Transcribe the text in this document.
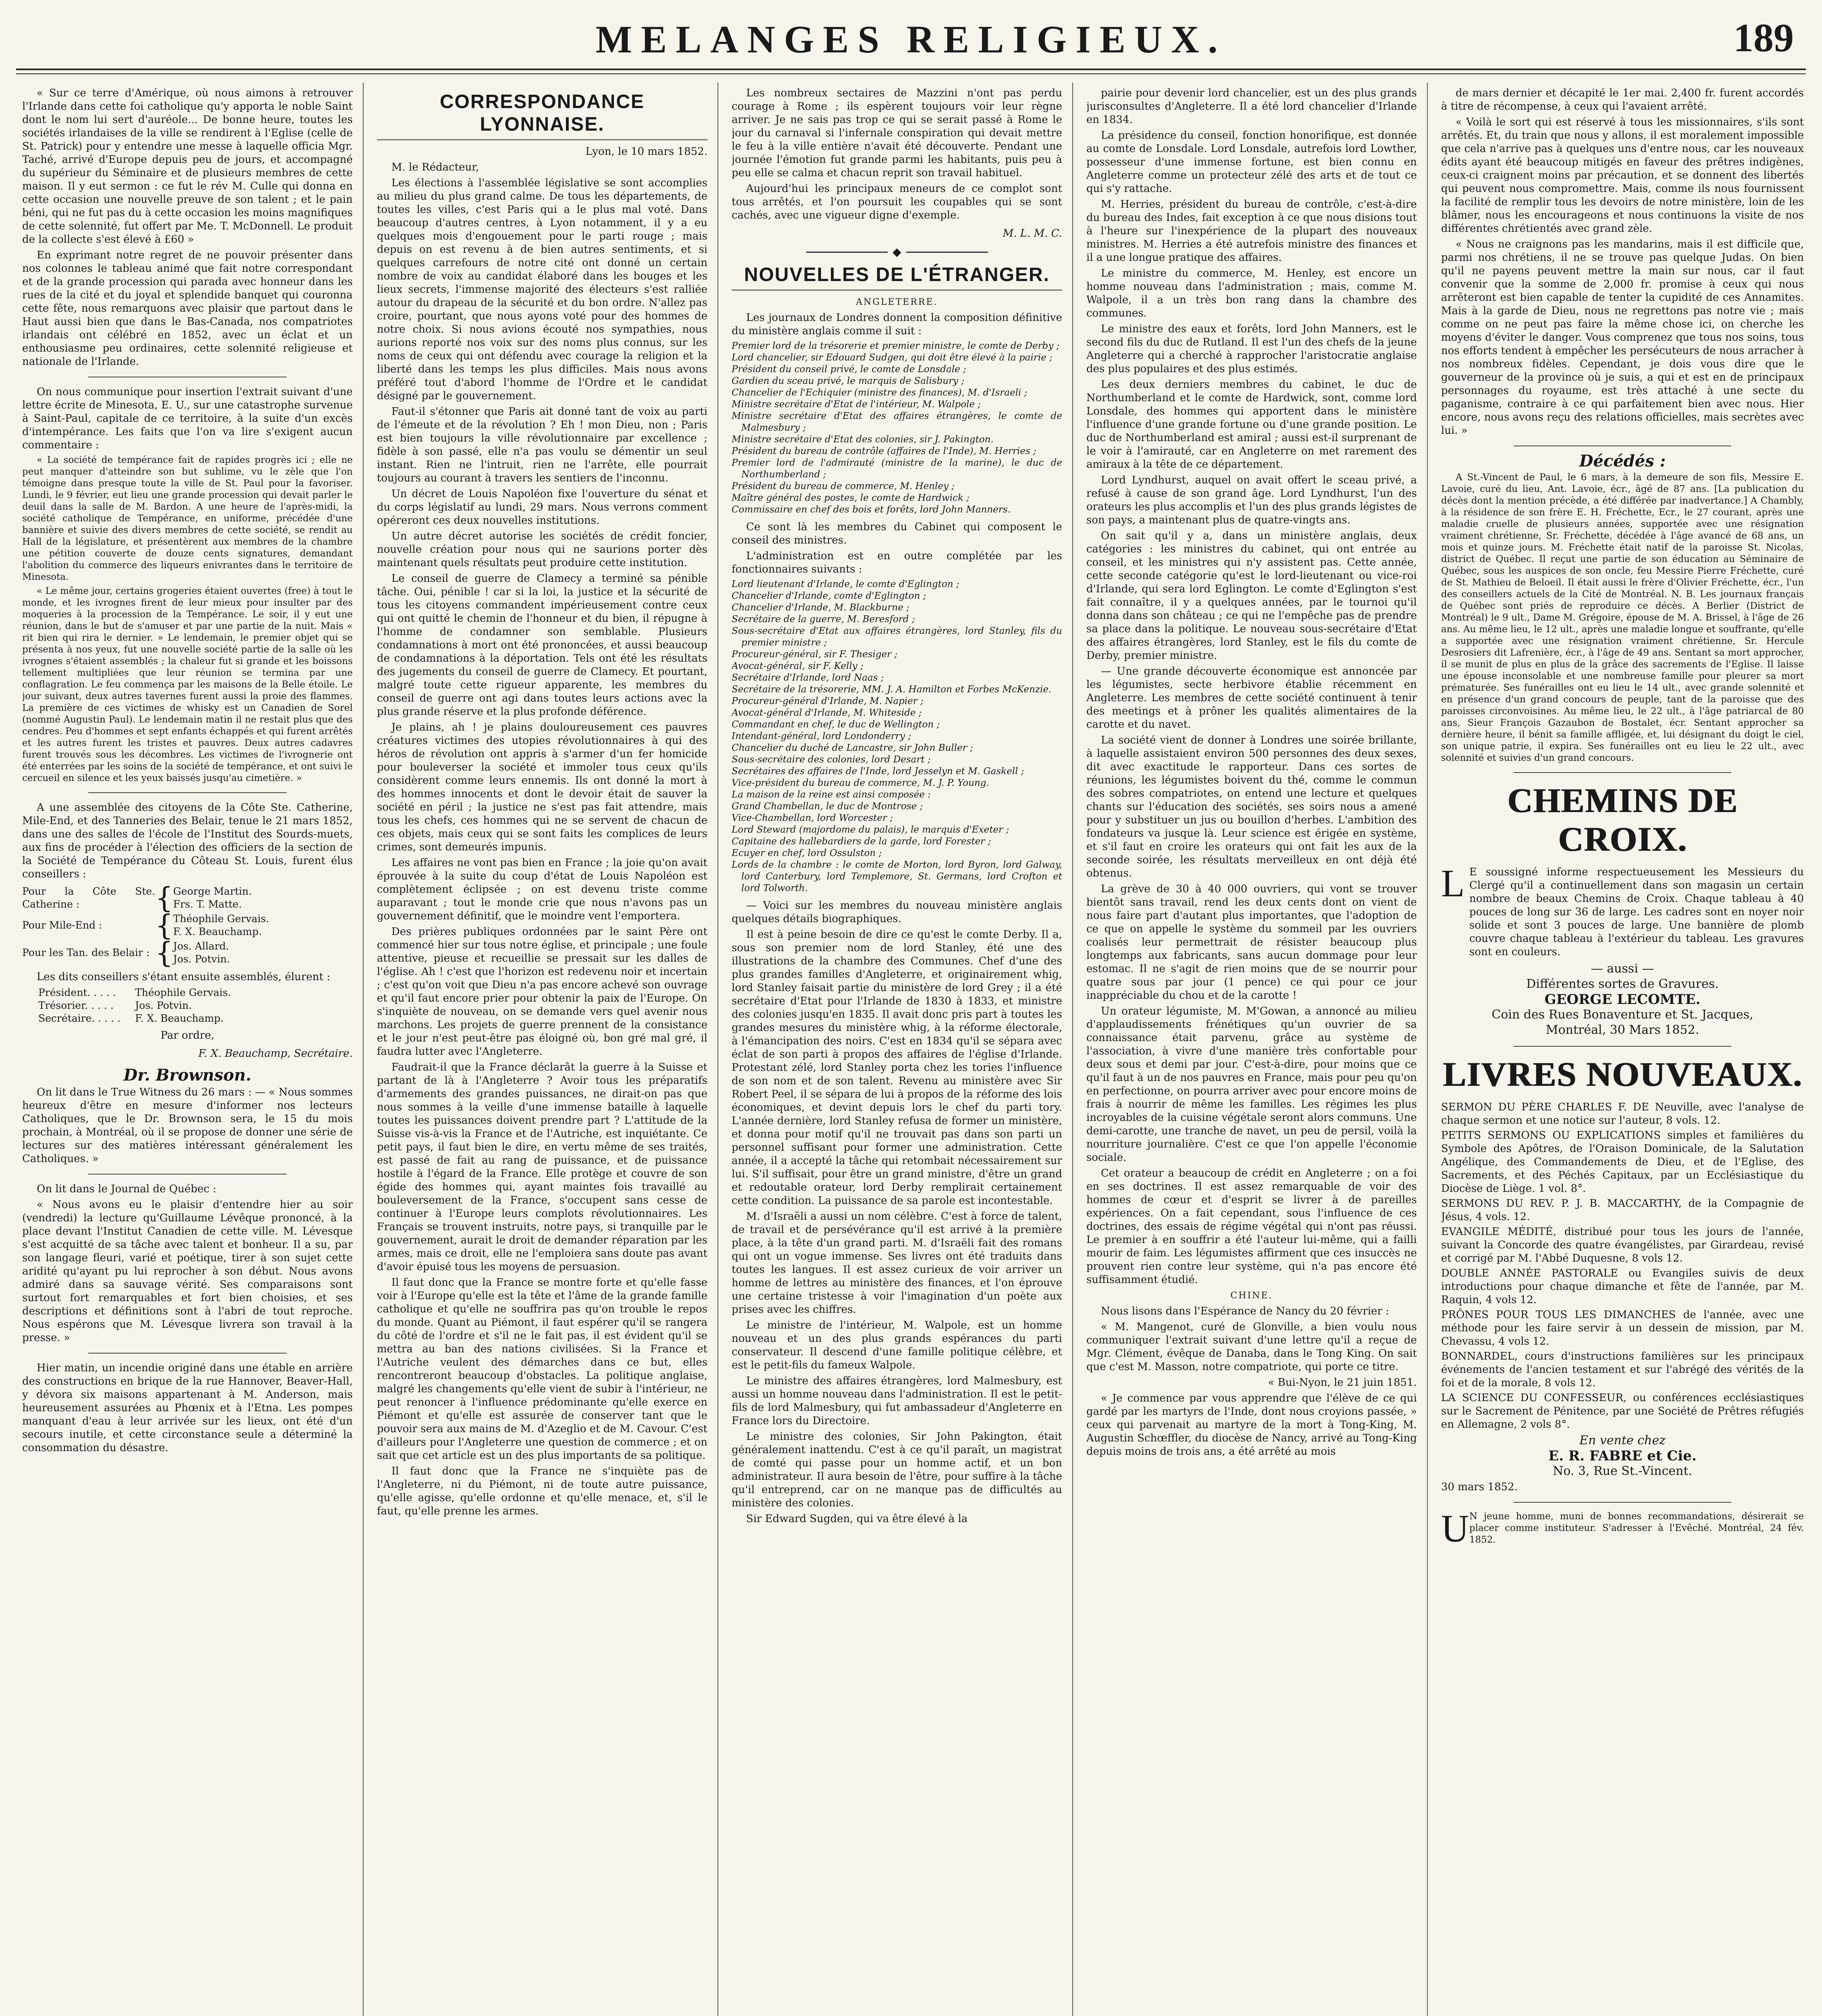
MELANGES RELIGIEUX.	189

« Sur ce terre d'Amérique, où nous aimons à retrouver l'Irlande dans cette foi catholique qu'y apporta le noble Saint dont le nom lui sert d'auréole... De bonne heure, toutes les sociétés irlandaises de la ville se rendirent à l'Eglise (celle de St. Patrick) pour y entendre une messe à laquelle officia Mgr. Taché, arrivé d'Europe depuis peu de jours, et accompagné du supérieur du Séminaire et de plusieurs membres de cette maison. Il y eut sermon : ce fut le rév M. Culle qui donna en cette occasion une nouvelle preuve de son talent ; et le pain béni, qui ne fut pas du à cette occasion les moins magnifiques de cette solennité, fut offert par Me. T. McDonnell. Le produit de la collecte s'est élevé à £60 »

En exprimant notre regret de ne pouvoir présenter dans nos colonnes le tableau animé que fait notre correspondant et de la grande procession qui parada avec honneur dans les rues de la cité et du joyal et splendide banquet qui couronna cette fête, nous remarquons avec plaisir que partout dans le Haut aussi bien que dans le Bas-Canada, nos compatriotes irlandais ont célébré en 1852, avec un éclat et un enthousiasme peu ordinaires, cette solennité religieuse et nationale de l'Irlande.

On nous communique pour insertion l'extrait suivant d'une lettre écrite de Minesota, E. U., sur une catastrophe survenue à Saint-Paul, capitale de ce territoire, à la suite d'un excès d'intempérance. Les faits que l'on va lire s'exigent aucun commentaire :

« La société de tempérance fait de rapides progrès ici ; elle ne peut manquer d'atteindre son but sublime, vu le zèle que l'on témoigne dans presque toute la ville de St. Paul pour la favoriser. Lundi, le 9 février, eut lieu une grande procession qui devait parler le deuil dans la salle de M. Bardon. A une heure de l'après-midi, la société catholique de Tempérance, en uniforme, précédée d'une bannière et suivie des divers membres de cette société, se rendit au Hall de la législature, et présentèrent aux membres de la chambre une pétition couverte de douze cents signatures, demandant l'abolition du commerce des liqueurs enivrantes dans le territoire de Minesota.

« Le même jour, certains grogeries étaient ouvertes (free) à tout le monde, et les ivrognes firent de leur mieux pour insulter par des moqueries à la procession de la Tempérance. Le soir, il y eut une réunion, dans le but de s'amuser et par une partie de la nuit. Mais « rit bien qui rira le dernier. » Le lendemain, le premier objet qui se présenta à nos yeux, fut une nouvelle société partie de la salle où les ivrognes s'étaient assemblés ; la chaleur fut si grande et les boissons tellement multipliées que leur réunion se termina par une conflagration. Le feu commença par les maisons de la Belle étoile. Le jour suivant, deux autres tavernes furent aussi la proie des flammes. La première de ces victimes de whisky est un Canadien de Sorel (nommé Augustin Paul). Le lendemain matin il ne restait plus que des cendres. Peu d'hommes et sept enfants échappés et qui furent arrêtés et les autres furent les tristes et pauvres. Deux autres cadavres furent trouvés sous les décombres. Les victimes de l'ivrognerie ont été enterrées par les soins de la société de tempérance, et ont suivi le cercueil en silence et les yeux baissés jusqu'au cimetière. »

A une assemblée des citoyens de la Côte Ste. Catherine, Mile-End, et des Tanneries des Belair, tenue le 21 mars 1852, dans une des salles de l'école de l'Institut des Sourds-muets, aux fins de procéder à l'élection des officiers de la section de la Société de Tempérance du Côteau St. Louis, furent élus conseillers :

Pour la Côte Ste. Catherine :	{	George Martin.
Frs. T. Matte.

Pour Mile-End :	{	Théophile Gervais.
F. X. Beauchamp.

Pour les Tan. des Belair :	{	Jos. Allard.
Jos. Potvin.

Les dits conseillers s'étant ensuite assemblés, élurent :

Président. . . . . Théophile Gervais.
Trésorier. . . . . Jos. Potvin.
Secrétaire. . . . . F. X. Beauchamp.

Par ordre,

F. X. Beauchamp, Secrétaire.
Dr. Brownson.

On lit dans le True Witness du 26 mars : — « Nous sommes heureux d'être en mesure d'informer nos lecteurs Catholiques, que le Dr. Brownson sera, le 15 du mois prochain, à Montréal, où il se propose de donner une série de lectures sur des matières intéressant généralement les Catholiques. »

On lit dans le Journal de Québec :

« Nous avons eu le plaisir d'entendre hier au soir (vendredi) la lecture qu'Guillaume Lévêque prononcé, à la place devant l'Institut Canadien de cette ville. M. Lévesque s'est acquitté de sa tâche avec talent et bonheur. Il a su, par son langage fleuri, varié et poétique, tirer à son sujet cette aridité qu'ayant pu lui reprocher à son début. Nous avons admiré dans sa sauvage vérité. Ses comparaisons sont surtout fort remarquables et fort bien choisies, et ses descriptions et définitions sont à l'abri de tout reproche. Nous espérons que M. Lévesque livrera son travail à la presse. »

Hier matin, un incendie originé dans une étable en arrière des constructions en brique de la rue Hannover, Beaver-Hall, y dévora six maisons appartenant à M. Anderson, mais heureusement assurées au Phœnix et à l'Etna. Les pompes manquant d'eau à leur arrivée sur les lieux, ont été d'un secours inutile, et cette circonstance seule a déterminé la consommation du désastre.

CORRESPONDANCE LYONNAISE.

Lyon, le 10 mars 1852.

M. le Rédacteur,

Les élections à l'assemblée législative se sont accomplies au milieu du plus grand calme. De tous les départements, de toutes les villes, c'est Paris qui a le plus mal voté. Dans beaucoup d'autres centres, à Lyon notamment, il y a eu quelques mois d'engouement pour le parti rouge ; mais depuis on est revenu à de bien autres sentiments, et si quelques carrefours de notre cité ont donné un certain nombre de voix au candidat élaboré dans les bouges et les lieux secrets, l'immense majorité des électeurs s'est ralliée autour du drapeau de la sécurité et du bon ordre. N'allez pas croire, pourtant, que nous ayons voté pour des hommes de notre choix. Si nous avions écouté nos sympathies, nous aurions reporté nos voix sur des noms plus connus, sur les noms de ceux qui ont défendu avec courage la religion et la liberté dans les temps les plus difficiles. Mais nous avons préféré tout d'abord l'homme de l'Ordre et le candidat désigné par le gouvernement.

Faut-il s'étonner que Paris ait donné tant de voix au parti de l'émeute et de la révolution ? Eh ! mon Dieu, non ; Paris est bien toujours la ville révolutionnaire par excellence ; fidèle à son passé, elle n'a pas voulu se démentir un seul instant. Rien ne l'intruit, rien ne l'arrête, elle pourrait toujours au courant à travers les sentiers de l'inconnu.

Un décret de Louis Napoléon fixe l'ouverture du sénat et du corps législatif au lundi, 29 mars. Nous verrons comment opéreront ces deux nouvelles institutions.

Un autre décret autorise les sociétés de crédit foncier, nouvelle création pour nous qui ne saurions porter dès maintenant quels résultats peut produire cette institution.

Le conseil de guerre de Clamecy a terminé sa pénible tâche. Oui, pénible ! car si la loi, la justice et la sécurité de tous les citoyens commandent impérieusement contre ceux qui ont quitté le chemin de l'honneur et du bien, il répugne à l'homme de condamner son semblable. Plusieurs condamnations à mort ont été prononcées, et aussi beaucoup de condamnations à la déportation. Tels ont été les résultats des jugements du conseil de guerre de Clamecy. Et pourtant, malgré toute cette rigueur apparente, les membres du conseil de guerre ont agi dans toutes leurs actions avec la plus grande réserve et la plus profonde déférence.

Je plains, ah ! je plains douloureusement ces pauvres créatures victimes des utopies révolutionnaires à qui des héros de révolution ont appris à s'armer d'un fer homicide pour bouleverser la société et immoler tous ceux qu'ils considèrent comme leurs ennemis. Ils ont donné la mort à des hommes innocents et dont le devoir était de sauver la société en péril ; la justice ne s'est pas fait attendre, mais tous les chefs, ces hommes qui ne se servent de chacun de ces objets, mais ceux qui se sont faits les complices de leurs crimes, sont demeurés impunis.

Les affaires ne vont pas bien en France ; la joie qu'on avait éprouvée à la suite du coup d'état de Louis Napoléon est complètement éclipsée ; on est devenu triste comme auparavant ; tout le monde crie que nous n'avons pas un gouvernement définitif, que le moindre vent l'emportera.

Des prières publiques ordonnées par le saint Père ont commencé hier sur tous notre église, et principale ; une foule attentive, pieuse et recueillie se pressait sur les dalles de l'église. Ah ! c'est que l'horizon est redevenu noir et incertain ; c'est qu'on voit que Dieu n'a pas encore achevé son ouvrage et qu'il faut encore prier pour obtenir la paix de l'Europe. On s'inquiète de nouveau, on se demande vers quel avenir nous marchons. Les projets de guerre prennent de la consistance et le jour n'est peut-être pas éloigné où, bon gré mal gré, il faudra lutter avec l'Angleterre.

Faudrait-il que la France déclarât la guerre à la Suisse et partant de là à l'Angleterre ? Avoir tous les préparatifs d'armements des grandes puissances, ne dirait-on pas que nous sommes à la veille d'une immense bataille à laquelle toutes les puissances doivent prendre part ? L'attitude de la Suisse vis-à-vis la France et de l'Autriche, est inquiétante. Ce petit pays, il faut bien le dire, en vertu même de ses traités, est passé de fait au rang de puissance, et de puissance hostile à l'égard de la France. Elle protège et couvre de son égide des hommes qui, ayant maintes fois travaillé au bouleversement de la France, s'occupent sans cesse de continuer à l'Europe leurs complots révolutionnaires. Les Français se trouvent instruits, notre pays, si tranquille par le gouvernement, aurait le droit de demander réparation par les armes, mais ce droit, elle ne l'emploiera sans doute pas avant d'avoir épuisé tous les moyens de persuasion.

Il faut donc que la France se montre forte et qu'elle fasse voir à l'Europe qu'elle est la tête et l'âme de la grande famille catholique et qu'elle ne souffrira pas qu'on trouble le repos du monde. Quant au Piémont, il faut espérer qu'il se rangera du côté de l'ordre et s'il ne le fait pas, il est évident qu'il se mettra au ban des nations civilisées. Si la France et l'Autriche veulent des démarches dans ce but, elles rencontreront beaucoup d'obstacles. La politique anglaise, malgré les changements qu'elle vient de subir à l'intérieur, ne peut renoncer à l'influence prédominante qu'elle exerce en Piémont et qu'elle est assurée de conserver tant que le pouvoir sera aux mains de M. d'Azeglio et de M. Cavour. C'est d'ailleurs pour l'Angleterre une question de commerce ; et on sait que cet article est un des plus importants de sa politique.

Il faut donc que la France ne s'inquiète pas de l'Angleterre, ni du Piémont, ni de toute autre puissance, qu'elle agisse, qu'elle ordonne et qu'elle menace, et, s'il le faut, qu'elle prenne les armes.

Les nombreux sectaires de Mazzini n'ont pas perdu courage à Rome ; ils espèrent toujours voir leur règne arriver. Je ne sais pas trop ce qui se serait passé à Rome le jour du carnaval si l'infernale conspiration qui devait mettre le feu à la ville entière n'avait été découverte. Pendant une journée l'émotion fut grande parmi les habitants, puis peu à peu elle se calma et chacun reprit son travail habituel.

Aujourd'hui les principaux meneurs de ce complot sont tous arrêtés, et l'on poursuit les coupables qui se sont cachés, avec une vigueur digne d'exemple.

M. L. M. C.
◆
NOUVELLES DE L'ÉTRANGER.

ANGLETERRE.

Les journaux de Londres donnent la composition définitive du ministère anglais comme il suit :

Premier lord de la trésorerie et premier ministre, le comte de Derby ;
Lord chancelier, sir Edouard Sudgen, qui doit être élevé à la pairie ;
Président du conseil privé, le comte de Lonsdale ;
Gardien du sceau privé, le marquis de Salisbury ;
Chancelier de l'Echiquier (ministre des finances), M. d'Israeli ;
Ministre secrétaire d'Etat de l'intérieur, M. Walpole ;
Ministre secrétaire d'Etat des affaires étrangères, le comte de Malmesbury ;
Ministre secrétaire d'Etat des colonies, sir J. Pakington.
Président du bureau de contrôle (affaires de l'Inde), M. Herries ;
Premier lord de l'admirauté (ministre de la marine), le duc de Northumberland ;
Président du bureau de commerce, M. Henley ;
Maître général des postes, le comte de Hardwick ;
Commissaire en chef des bois et forêts, lord John Manners.

Ce sont là les membres du Cabinet qui composent le conseil des ministres.

L'administration est en outre complétée par les fonctionnaires suivants :

Lord lieutenant d'Irlande, le comte d'Eglington ;
Chancelier d'Irlande, comte d'Eglington ;
Chancelier d'Irlande, M. Blackburne ;
Secrétaire de la guerre, M. Beresford ;
Sous-secrétaire d'Etat aux affaires étrangères, lord Stanley, fils du premier ministre ;
Procureur-général, sir F. Thesiger ;
Avocat-général, sir F. Kelly ;
Secrétaire d'Irlande, lord Naas ;
Secrétaire de la trésorerie, MM. J. A. Hamilton et Forbes McKenzie.
Procureur-général d'Irlande, M. Napier ;
Avocat-général d'Irlande, M. Whiteside ;
Commandant en chef, le duc de Wellington ;
Intendant-général, lord Londonderry ;
Chancelier du duché de Lancastre, sir John Buller ;
Sous-secrétaire des colonies, lord Desart ;
Secrétaires des affaires de l'Inde, lord Jesselyn et M. Gaskell ;
Vice-président du bureau de commerce, M. J. P. Young.
La maison de la reine est ainsi composée :
Grand Chambellan, le duc de Montrose ;
Vice-Chambellan, lord Worcester ;
Lord Steward (majordome du palais), le marquis d'Exeter ;
Capitaine des hallebardiers de la garde, lord Forester ;
Ecuyer en chef, lord Ossulston ;
Lords de la chambre : le comte de Morton, lord Byron, lord Galway, lord Canterbury, lord Templemore, St. Germans, lord Crofton et lord Tolworth.

— Voici sur les membres du nouveau ministère anglais quelques détails biographiques.

Il est à peine besoin de dire ce qu'est le comte Derby. Il a, sous son premier nom de lord Stanley, été une des illustrations de la chambre des Communes. Chef d'une des plus grandes familles d'Angleterre, et originairement whig, lord Stanley faisait partie du ministère de lord Grey ; il a été secrétaire d'Etat pour l'Irlande de 1830 à 1833, et ministre des colonies jusqu'en 1835. Il avait donc pris part à toutes les grandes mesures du ministère whig, à la réforme électorale, à l'émancipation des noirs. C'est en 1834 qu'il se sépara avec éclat de son parti à propos des affaires de l'église d'Irlande. Protestant zélé, lord Stanley porta chez les tories l'influence de son nom et de son talent. Revenu au ministère avec Sir Robert Peel, il se sépara de lui à propos de la réforme des lois économiques, et devint depuis lors le chef du parti tory. L'année dernière, lord Stanley refusa de former un ministère, et donna pour motif qu'il ne trouvait pas dans son parti un personnel suffisant pour former une administration. Cette année, il a accepté la tâche qui retombait nécessairement sur lui. S'il suffisait, pour être un grand ministre, d'être un grand et redoutable orateur, lord Derby remplirait certainement cette condition. La puissance de sa parole est incontestable.

M. d'Israëli a aussi un nom célèbre. C'est à force de talent, de travail et de persévérance qu'il est arrivé à la première place, à la tête d'un grand parti. M. d'Israëli fait des romans qui ont un vogue immense. Ses livres ont été traduits dans toutes les langues. Il est assez curieux de voir arriver un homme de lettres au ministère des finances, et l'on éprouve une certaine tristesse à voir l'imagination d'un poète aux prises avec les chiffres.

Le ministre de l'intérieur, M. Walpole, est un homme nouveau et un des plus grands espérances du parti conservateur. Il descend d'une famille politique célèbre, et est le petit-fils du fameux Walpole.

Le ministre des affaires étrangères, lord Malmesbury, est aussi un homme nouveau dans l'administration. Il est le petit-fils de lord Malmesbury, qui fut ambassadeur d'Angleterre en France lors du Directoire.

Le ministre des colonies, Sir John Pakington, était généralement inattendu. C'est à ce qu'il paraît, un magistrat de comté qui passe pour un homme actif, et un bon administrateur. Il aura besoin de l'être, pour suffire à la tâche qu'il entreprend, car on ne manque pas de difficultés au ministère des colonies.

Sir Edward Sugden, qui va être élevé à la

pairie pour devenir lord chancelier, est un des plus grands jurisconsultes d'Angleterre. Il a été lord chancelier d'Irlande en 1834.

La présidence du conseil, fonction honorifique, est donnée au comte de Lonsdale. Lord Lonsdale, autrefois lord Lowther, possesseur d'une immense fortune, est bien connu en Angleterre comme un protecteur zélé des arts et de tout ce qui s'y rattache.

M. Herries, président du bureau de contrôle, c'est-à-dire du bureau des Indes, fait exception à ce que nous disions tout à l'heure sur l'inexpérience de la plupart des nouveaux ministres. M. Herries a été autrefois ministre des finances et il a une longue pratique des affaires.

Le ministre du commerce, M. Henley, est encore un homme nouveau dans l'administration ; mais, comme M. Walpole, il a un très bon rang dans la chambre des communes.

Le ministre des eaux et forêts, lord John Manners, est le second fils du duc de Rutland. Il est l'un des chefs de la jeune Angleterre qui a cherché à rapprocher l'aristocratie anglaise des plus populaires et des plus estimés.

Les deux derniers membres du cabinet, le duc de Northumberland et le comte de Hardwick, sont, comme lord Lonsdale, des hommes qui apportent dans le ministère l'influence d'une grande fortune ou d'une grande position. Le duc de Northumberland est amiral ; aussi est-il surprenant de le voir à l'amirauté, car en Angleterre on met rarement des amiraux à la tête de ce département.

Lord Lyndhurst, auquel on avait offert le sceau privé, a refusé à cause de son grand âge. Lord Lyndhurst, l'un des orateurs les plus accomplis et l'un des plus grands légistes de son pays, a maintenant plus de quatre-vingts ans.

On sait qu'il y a, dans un ministère anglais, deux catégories : les ministres du cabinet, qui ont entrée au conseil, et les ministres qui n'y assistent pas. Cette année, cette seconde catégorie qu'est le lord-lieutenant ou vice-roi d'Irlande, qui sera lord Eglington. Le comte d'Eglington s'est fait connaître, il y a quelques années, par le tournoi qu'il donna dans son château ; ce qui ne l'empêche pas de prendre sa place dans la politique. Le nouveau sous-secrétaire d'Etat des affaires étrangères, lord Stanley, est le fils du comte de Derby, premier ministre.

— Une grande découverte économique est annoncée par les légumistes, secte herbivore établie récemment en Angleterre. Les membres de cette société continuent à tenir des meetings et à prôner les qualités alimentaires de la carotte et du navet.

La société vient de donner à Londres une soirée brillante, à laquelle assistaient environ 500 personnes des deux sexes, dit avec exactitude le rapporteur. Dans ces sortes de réunions, les légumistes boivent du thé, comme le commun des sobres compatriotes, on entend une lecture et quelques chants sur l'éducation des sociétés, ses soirs nous a amené pour y substituer un jus ou bouillon d'herbes. L'ambition des fondateurs va jusque là. Leur science est érigée en système, et s'il faut en croire les orateurs qui ont fait les aux de la seconde soirée, les résultats merveilleux en ont déjà été obtenus.

La grève de 30 à 40 000 ouvriers, qui vont se trouver bientôt sans travail, rend les deux cents dont on vient de nous faire part d'autant plus importantes, que l'adoption de ce que on appelle le système du sommeil par les ouvriers coalisés leur permettrait de résister beaucoup plus longtemps aux fabricants, sans aucun dommage pour leur estomac. Il ne s'agit de rien moins que de se nourrir pour quatre sous par jour (1 pence) ce qui pour ce jour inappréciable du chou et de la carotte !

Un orateur légumiste, M. M'Gowan, a annoncé au milieu d'applaudissements frénétiques qu'un ouvrier de sa connaissance était parvenu, grâce au système de l'association, à vivre d'une manière très confortable pour deux sous et demi par jour. C'est-à-dire, pour moins que ce qu'il faut à un de nos pauvres en France, mais pour peu qu'on en perfectionne, on pourra arriver avec pour encore moins de frais à nourrir de même les familles. Les régimes les plus incroyables de la cuisine végétale seront alors communs. Une demi-carotte, une tranche de navet, un peu de persil, voilà la nourriture journalière. C'est ce que l'on appelle l'économie sociale.

Cet orateur a beaucoup de crédit en Angleterre ; on a foi en ses doctrines. Il est assez remarquable de voir des hommes de cœur et d'esprit se livrer à de pareilles expériences. On a fait cependant, sous l'influence de ces doctrines, des essais de régime végétal qui n'ont pas réussi. Le premier à en souffrir a été l'auteur lui-même, qui a failli mourir de faim. Les légumistes affirment que ces insuccès ne prouvent rien contre leur système, qui n'a pas encore été suffisamment étudié.

CHINE.

Nous lisons dans l'Espérance de Nancy du 20 février :

« M. Mangenot, curé de Glonville, a bien voulu nous communiquer l'extrait suivant d'une lettre qu'il a reçue de Mgr. Clément, évêque de Danaba, dans le Tong King. On sait que c'est M. Masson, notre compatriote, qui porte ce titre.

« Bui-Nyon, le 21 juin 1851.

« Je commence par vous apprendre que l'élève de ce qui gardé par les martyrs de l'Inde, dont nous croyions passée, » ceux qui parvenait au martyre de la mort à Tong-King, M. Augustin Schœffler, du diocèse de Nancy, arrivé au Tong-King depuis moins de trois ans, a été arrêté au mois

de mars dernier et décapité le 1er mai. 2,400 fr. furent accordés à titre de récompense, à ceux qui l'avaient arrêté.

« Voilà le sort qui est réservé à tous les missionnaires, s'ils sont arrêtés. Et, du train que nous y allons, il est moralement impossible que cela n'arrive pas à quelques uns d'entre nous, car les nouveaux édits ayant été beaucoup mitigés en faveur des prêtres indigènes, ceux-ci craignent moins par précaution, et se donnent des libertés qui peuvent nous compromettre. Mais, comme ils nous fournissent la facilité de remplir tous les devoirs de notre ministère, loin de les blâmer, nous les encourageons et nous continuons la visite de nos différentes chrétientés avec grand zèle.

« Nous ne craignons pas les mandarins, mais il est difficile que, parmi nos chrétiens, il ne se trouve pas quelque Judas. On bien qu'il ne payens peuvent mettre la main sur nous, car il faut convenir que la somme de 2,000 fr. promise à ceux qui nous arrêteront est bien capable de tenter la cupidité de ces Annamites. Mais à la garde de Dieu, nous ne regrettons pas notre vie ; mais comme on ne peut pas faire la même chose ici, on cherche les moyens d'éviter le danger. Vous comprenez que tous nos soins, tous nos efforts tendent à empêcher les persécuteurs de nous arracher à nos nombreux fidèles. Cependant, je dois vous dire que le gouverneur de la province où je suis, a qui et est en de principaux personnages du royaume, est très attaché à une secte du paganisme, contraire à ce qui parfaitement bien avec nous. Hier encore, nous avons reçu des relations officielles, mais secrètes avec lui. »

Décédés :

A St.-Vincent de Paul, le 6 mars, à la demeure de son fils, Messire E. Lavoie, curé du lieu, Ant. Lavoie, écr., âgé de 87 ans. [La publication du décès dont la mention précède, a été différée par inadvertance.] A Chambly, à la résidence de son frère E. H. Fréchette, Ecr., le 27 courant, après une maladie cruelle de plusieurs années, supportée avec une résignation vraiment chrétienne, Sr. Fréchette, décédée à l'âge avancé de 68 ans, un mois et quinze jours. M. Fréchette était natif de la paroisse St. Nicolas, district de Québec. Il reçut une partie de son éducation au Séminaire de Québec, sous les auspices de son oncle, feu Messire Pierre Fréchette, curé de St. Mathieu de Beloeil. Il était aussi le frère d'Olivier Fréchette, écr., l'un des conseillers actuels de la Cité de Montréal. N. B. Les journaux français de Québec sont priés de reproduire ce décès. A Berlier (District de Montréal) le 9 ult., Dame M. Grégoire, épouse de M. A. Brissel, à l'âge de 26 ans. Au même lieu, le 12 ult., après une maladie longue et souffrante, qu'elle a supportée avec une résignation vraiment chrétienne, Sr. Hercule Desrosiers dit Lafrenière, écr., à l'âge de 49 ans. Sentant sa mort approcher, il se munit de plus en plus de la grâce des sacrements de l'Eglise. Il laisse une épouse inconsolable et une nombreuse famille pour pleurer sa mort prématurée. Ses funérailles ont eu lieu le 14 ult., avec grande solennité et en présence d'un grand concours de peuple, tant de la paroisse que des paroisses circonvoisines. Au même lieu, le 22 ult., à l'âge patriarcal de 80 ans, Sieur François Gazaubon de Bostalet, écr. Sentant approcher sa dernière heure, il bénit sa famille affligée, et, lui désignant du doigt le ciel, son unique patrie, il expira. Ses funérailles ont eu lieu le 22 ult., avec solennité et suivies d'un grand concours.

CHEMINS DE CROIX.
L E soussigné informe respectueusement les Messieurs du Clergé qu'il a continuellement dans son magasin un certain nombre de beaux Chemins de Croix. Chaque tableau à 40 pouces de long sur 36 de large. Les cadres sont en noyer noir solide et sont 3 pouces de large. Une bannière de plomb couvre chaque tableau à l'extérieur du tableau. Les gravures sont en couleurs.

— aussi —
Différentes sortes de Gravures.
GEORGE LECOMTE.
Coin des Rues Bonaventure et St. Jacques,
Montréal, 30 Mars 1852.
LIVRES NOUVEAUX.
SERMON DU PÈRE CHARLES F. DE Neuville, avec l'analyse de chaque sermon et une notice sur l'auteur, 8 vols. 12.
PETITS SERMONS OU EXPLICATIONS simples et familières du Symbole des Apôtres, de l'Oraison Dominicale, de la Salutation Angélique, des Commandements de Dieu, et de l'Eglise, des Sacrements, et des Péchés Capitaux, par un Ecclésiastique du Diocèse de Liège. 1 vol. 8°.
SERMONS DU REV. P. J. B. MACCARTHY, de la Compagnie de Jésus, 4 vols. 12.
EVANGILE MÉDITÉ, distribué pour tous les jours de l'année, suivant la Concorde des quatre évangélistes, par Girardeau, revisé et corrigé par M. l'Abbé Duquesne, 8 vols 12.
DOUBLE ANNÉE PASTORALE ou Evangiles suivis de deux introductions pour chaque dimanche et fête de l'année, par M. Raquin, 4 vols 12.
PRÔNES POUR TOUS LES DIMANCHES de l'année, avec une méthode pour les faire servir à un dessein de mission, par M. Chevassu, 4 vols 12.
BONNARDEL, cours d'instructions familières sur les principaux événements de l'ancien testament et sur l'abrégé des vérités de la foi et de la morale, 8 vols 12.
LA SCIENCE DU CONFESSEUR, ou conférences ecclésiastiques sur le Sacrement de Pénitence, par une Société de Prêtres réfugiés en Allemagne, 2 vols 8°.
En vente chez
E. R. FABRE et Cie.
No. 3, Rue St.-Vincent.
30 mars 1852.
U N jeune homme, muni de bonnes recommandations, désirerait se placer comme instituteur. S'adresser à l'Evêché. Montréal, 24 fév. 1852.
